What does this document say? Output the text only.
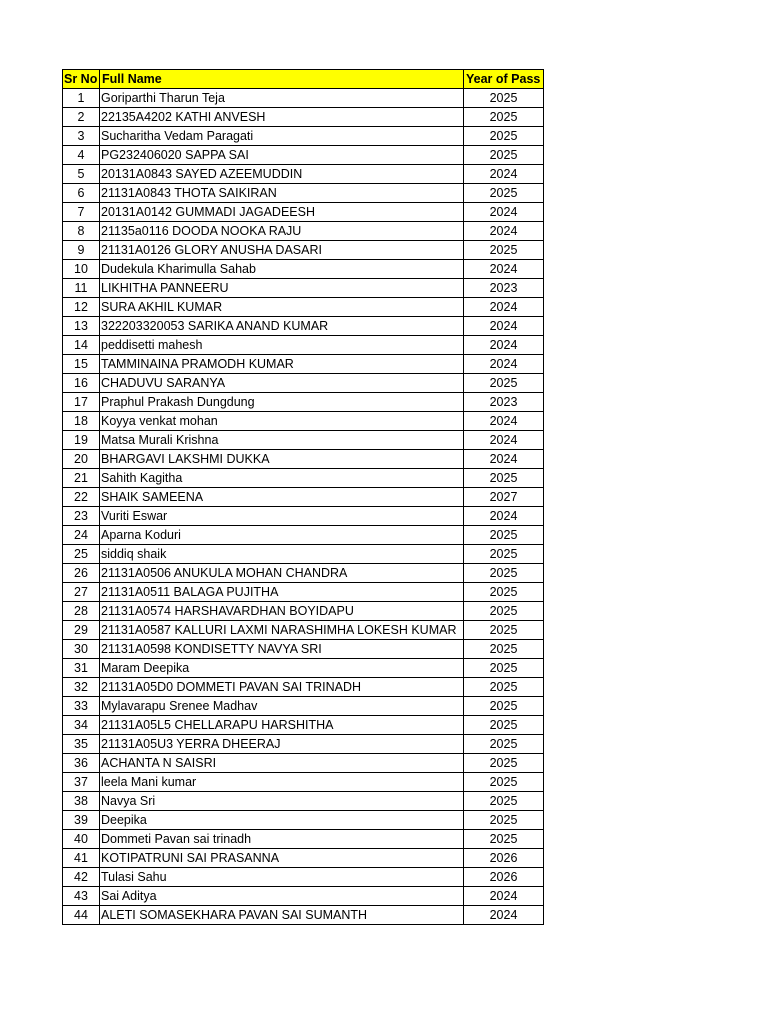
Sr No	Full Name	Year of Pass
1	Goriparthi Tharun Teja	2025
2	22135A4202 KATHI ANVESH	2025
3	Sucharitha Vedam Paragati	2025
4	PG232406020 SAPPA SAI	2025
5	20131A0843 SAYED AZEEMUDDIN	2024
6	21131A0843 THOTA SAIKIRAN	2025
7	20131A0142 GUMMADI JAGADEESH	2024
8	21135a0116 DOODA NOOKA RAJU	2024
9	21131A0126 GLORY ANUSHA DASARI	2025
10	Dudekula Kharimulla Sahab	2024
11	LIKHITHA PANNEERU	2023
12	SURA AKHIL KUMAR	2024
13	322203320053 SARIKA ANAND KUMAR	2024
14	peddisetti mahesh	2024
15	TAMMINAINA PRAMODH KUMAR	2024
16	CHADUVU SARANYA	2025
17	Praphul Prakash Dungdung	2023
18	Koyya venkat mohan	2024
19	Matsa Murali Krishna	2024
20	BHARGAVI LAKSHMI DUKKA	2024
21	Sahith Kagitha	2025
22	SHAIK SAMEENA	2027
23	Vuriti Eswar	2024
24	Aparna Koduri	2025
25	siddiq shaik	2025
26	21131A0506 ANUKULA MOHAN CHANDRA	2025
27	21131A0511 BALAGA PUJITHA	2025
28	21131A0574 HARSHAVARDHAN BOYIDAPU	2025
29	21131A0587 KALLURI LAXMI NARASHIMHA LOKESH KUMAR	2025
30	21131A0598 KONDISETTY NAVYA SRI	2025
31	Maram Deepika	2025
32	21131A05D0 DOMMETI PAVAN SAI TRINADH	2025
33	Mylavarapu Srenee Madhav	2025
34	21131A05L5 CHELLARAPU HARSHITHA	2025
35	21131A05U3 YERRA DHEERAJ	2025
36	ACHANTA N SAISRI	2025
37	leela Mani kumar	2025
38	Navya Sri	2025
39	Deepika	2025
40	Dommeti Pavan sai trinadh	2025
41	KOTIPATRUNI SAI PRASANNA	2026
42	Tulasi Sahu	2026
43	Sai Aditya	2024
44	ALETI SOMASEKHARA PAVAN SAI SUMANTH	2024
